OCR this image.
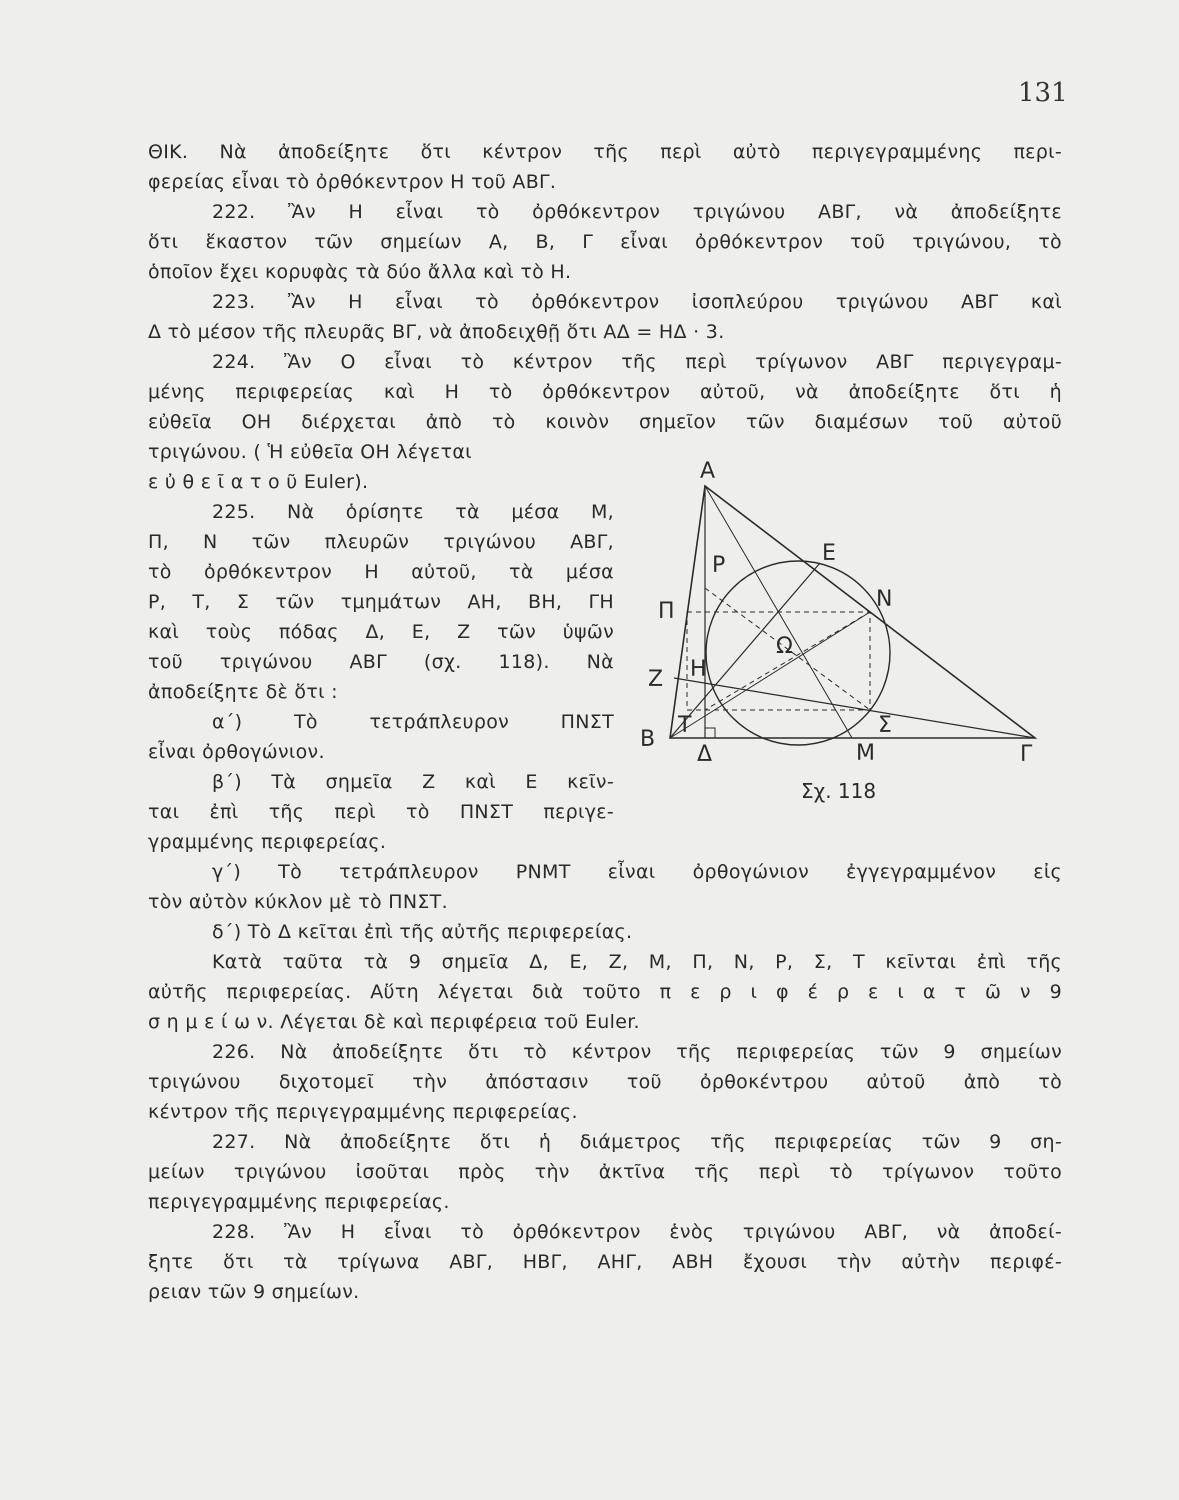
131
ΘΙΚ. Νὰ ἀποδείξητε ὅτι κέντρον τῆς περὶ αὐτὸ περιγεγραμμένης περι-
φερείας εἶναι τὸ ὀρθόκεντρον Η τοῦ ΑΒΓ.
222. Ἂν Η εἶναι τὸ ὀρθόκεντρον τριγώνου ΑΒΓ, νὰ ἀποδείξητε
ὅτι ἕκαστον τῶν σημείων Α, Β, Γ εἶναι ὀρθόκεντρον τοῦ τριγώνου, τὸ
ὁποῖον ἔχει κορυφὰς τὰ δύο ἄλλα καὶ τὸ Η.
223. Ἂν Η εἶναι τὸ ὀρθόκεντρον ἰσοπλεύρου τριγώνου ΑΒΓ καὶ
Δ τὸ μέσον τῆς πλευρᾶς ΒΓ, νὰ ἀποδειχθῇ ὅτι ΑΔ = ΗΔ · 3.
224. Ἂν Ο εἶναι τὸ κέντρον τῆς περὶ τρίγωνον ΑΒΓ περιγεγραμ-
μένης περιφερείας καὶ Η τὸ ὀρθόκεντρον αὐτοῦ, νὰ ἀποδείξητε ὅτι ἡ
εὐθεῖα ΟΗ διέρχεται ἀπὸ τὸ κοινὸν σημεῖον τῶν διαμέσων τοῦ αὐτοῦ
τριγώνου. ( Ἡ εὐθεῖα ΟΗ λέγεται
ε ὐ θ ε ῖ α τ ο ῦ Euler).
225. Νὰ ὁρίσητε τὰ μέσα Μ,
Π, Ν τῶν πλευρῶν τριγώνου ΑΒΓ,
τὸ ὀρθόκεντρον Η αὐτοῦ, τὰ μέσα
Ρ, Τ, Σ τῶν τμημάτων ΑΗ, ΒΗ, ΓΗ
καὶ τοὺς πόδας Δ, Ε, Ζ τῶν ὑψῶν
τοῦ τριγώνου ΑΒΓ (σχ. 118). Νὰ
ἀποδείξητε δὲ ὅτι :
α΄) Τὸ τετράπλευρον ΠΝΣΤ
εἶναι ὀρθογώνιον.
β΄) Τὰ σημεῖα Ζ καὶ Ε κεῖν-
ται ἐπὶ τῆς περὶ τὸ ΠΝΣΤ περιγε-
γραμμένης περιφερείας.
γ΄) Τὸ τετράπλευρον ΡΝΜΤ εἶναι ὀρθογώνιον ἐγγεγραμμένον εἰς
τὸν αὐτὸν κύκλον μὲ τὸ ΠΝΣΤ.
δ΄) Τὸ Δ κεῖται ἐπὶ τῆς αὐτῆς περιφερείας.
Κατὰ ταῦτα τὰ 9 σημεῖα Δ, Ε, Ζ, Μ, Π, Ν, Ρ, Σ, Τ κεῖνται ἐπὶ τῆς
αὐτῆς περιφερείας. Αὕτη λέγεται διὰ τοῦτο π ε ρ ι φ έ ρ ε ι α τ ῶ ν 9
σ η μ ε ί ω ν. Λέγεται δὲ καὶ περιφέρεια τοῦ Euler.
226. Νὰ ἀποδείξητε ὅτι τὸ κέντρον τῆς περιφερείας τῶν 9 σημείων
τριγώνου διχοτομεῖ τὴν ἀπόστασιν τοῦ ὀρθοκέντρου αὐτοῦ ἀπὸ τὸ
κέντρον τῆς περιγεγραμμένης περιφερείας.
227. Νὰ ἀποδείξητε ὅτι ἡ διάμετρος τῆς περιφερείας τῶν 9 ση-
μείων τριγώνου ἰσοῦται πρὸς τὴν ἀκτῖνα τῆς περὶ τὸ τρίγωνον τοῦτο
περιγεγραμμένης περιφερείας.
228. Ἂν Η εἶναι τὸ ὀρθόκεντρον ἑνὸς τριγώνου ΑΒΓ, νὰ ἀποδεί-
ξητε ὅτι τὰ τρίγωνα ΑΒΓ, ΗΒΓ, ΑΗΓ, ΑΒΗ ἔχουσι τὴν αὐτὴν περιφέ-
ρειαν τῶν 9 σημείων.
Α
Β
Γ
Δ
Ε
Ζ Η
Μ
Ν
Π
Ρ
Σ
Τ
Ω
Σχ. 118
